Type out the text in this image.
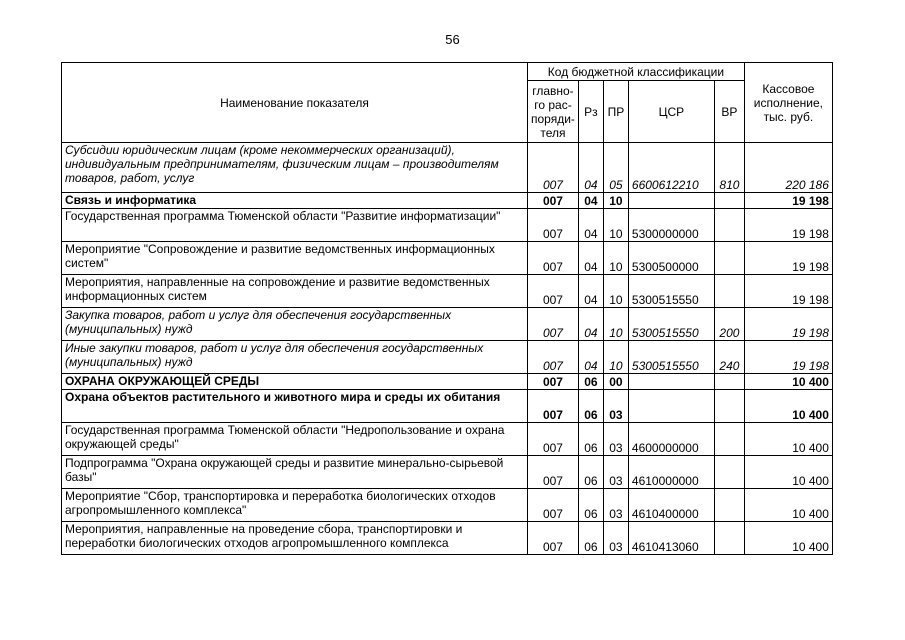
56
Наименование показателя	Код бюджетной классификации					Кассовое исполнение, тыс. руб.
	главно-го рас-поряди-теля	Рз	ПР	ЦСР	ВР	
Субсидии юридическим лицам (кроме некоммерческих организаций), индивидуальным предпринимателям, физическим лицам – производителям товаров, работ, услуг	007	04	05	6600612210	810	220 186
Связь и информатика	007	04	10			19 198
Государственная программа Тюменской области "Развитие информатизации"	007	04	10	5300000000		19 198
Мероприятие "Сопровождение и развитие ведомственных информационных систем"	007	04	10	5300500000		19 198
Мероприятия, направленные на сопровождение и развитие ведомственных информационных систем	007	04	10	5300515550		19 198
Закупка товаров, работ и услуг для обеспечения государственных (муниципальных) нужд	007	04	10	5300515550	200	19 198
Иные закупки товаров, работ и услуг для обеспечения государственных (муниципальных) нужд	007	04	10	5300515550	240	19 198
ОХРАНА ОКРУЖАЮЩЕЙ СРЕДЫ	007	06	00			10 400
Охрана объектов растительного и животного мира и среды их обитания	007	06	03			10 400
Государственная программа Тюменской области "Недропользование и охрана окружающей среды"	007	06	03	4600000000		10 400
Подпрограмма "Охрана окружающей среды и развитие минерально-сырьевой базы"	007	06	03	4610000000		10 400
Мероприятие "Сбор, транспортировка и переработка биологических отходов агропромышленного комплекса"	007	06	03	4610400000		10 400
Мероприятия, направленные на проведение сбора, транспортировки и переработки биологических отходов агропромышленного комплекса	007	06	03	4610413060		10 400
